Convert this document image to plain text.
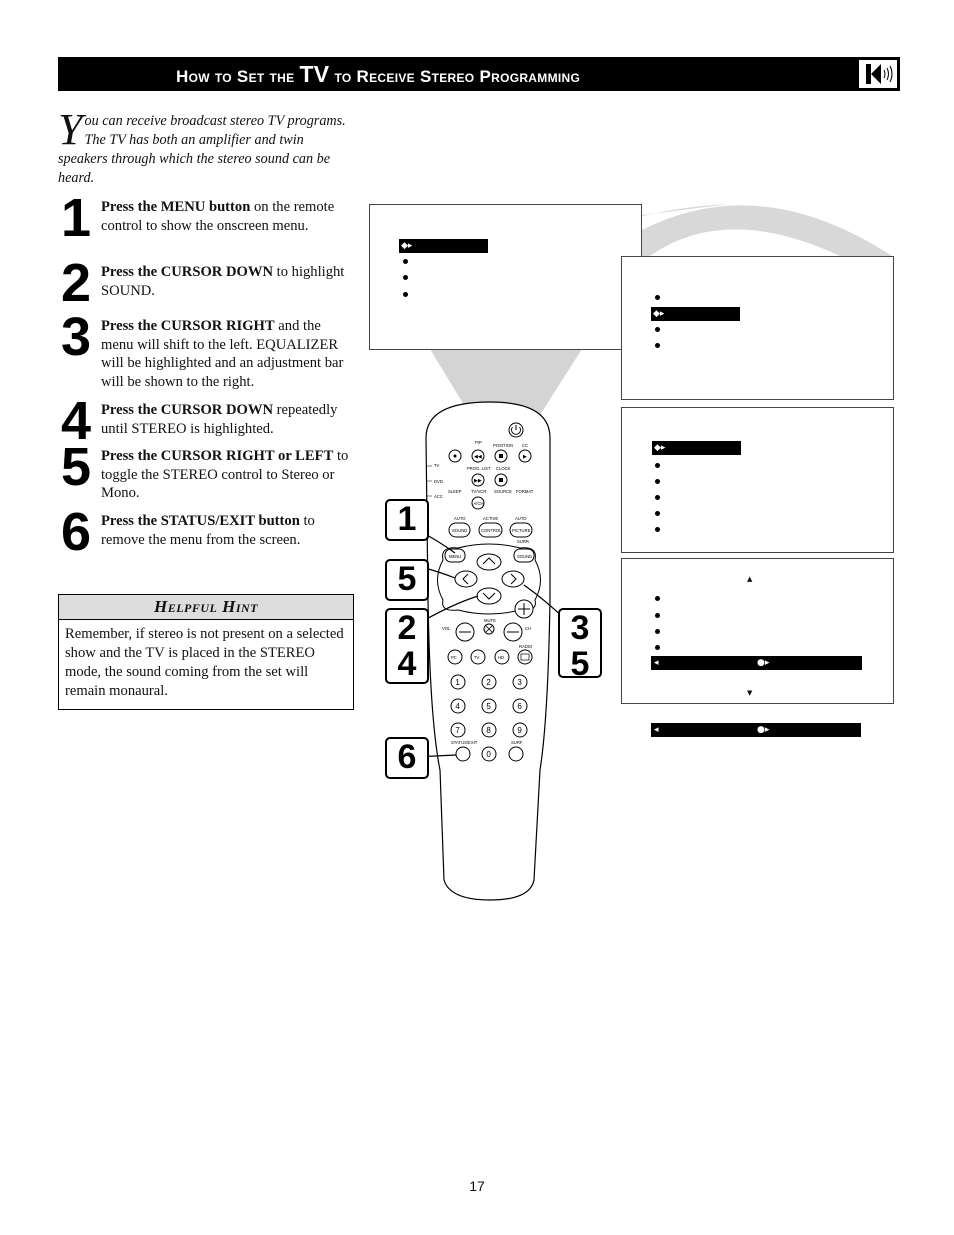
How to Set the TV to Receive Stereo Programming
Y ou can receive broadcast stereo TV programs. The TV has both an amplifier and twin speakers through which the stereo sound can be heard.
1 Press the MENU button on the remote control to show the onscreen menu.
2 Press the CURSOR DOWN to highlight SOUND.
3 Press the CURSOR RIGHT and the menu will shift to the left. EQUALIZER will be highlighted and an adjustment bar will be shown to the right.
4 Press the CURSOR DOWN repeatedly until STEREO is highlighted.
5 Press the CURSOR RIGHT or LEFT to toggle the STEREO control to Stereo or Mono.
6 Press the STATUS/EXIT button to remove the menu from the screen.
Helpful Hint
Remember, if stereo is not present on a selected show and the TV is placed in the STEREO mode, the sound coming from the set will remain monaural.
◆▸
◆▸
◆▸
▲
◂	●▸
▼
◂	●▸
PIP
POSITION CC
◀◀	▶
TV
DVD
ACC
PROG. LIST CLOCK
▶▶
SLEEP TV/VCR SOURCE FORMAT
A/CH
AUTO	ACTIVE	AUTO
SOUND	CONTROL	PICTURE
SURR.
MENU	SOUND
VOL
MUTE
CH
RADIO
PC	TV	HD
1	2	3
4	5	6
7	8	9
0
STATUS/EXIT	SURF
1
5
2
4
3
5
6
17
